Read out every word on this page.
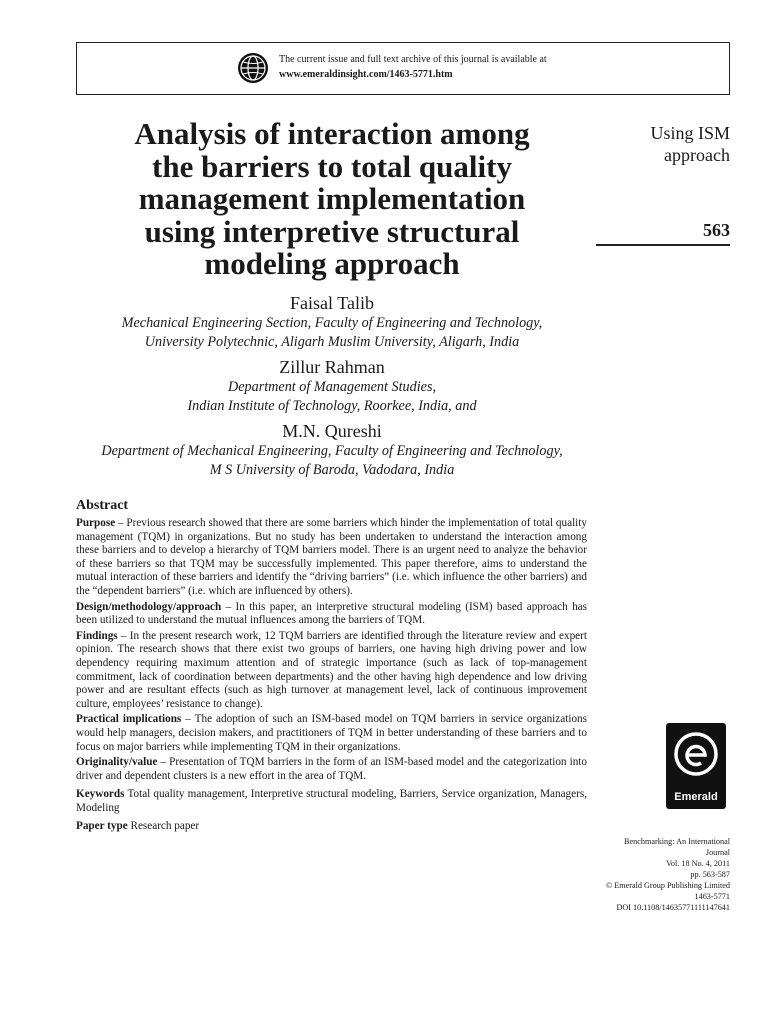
The current issue and full text archive of this journal is available at
www.emeraldinsight.com/1463-5771.htm
Analysis of interaction among
the barriers to total quality
management implementation
using interpretive structural
modeling approach
Faisal Talib
Mechanical Engineering Section, Faculty of Engineering and Technology,
University Polytechnic, Aligarh Muslim University, Aligarh, India
Zillur Rahman
Department of Management Studies,
Indian Institute of Technology, Roorkee, India, and
M.N. Qureshi
Department of Mechanical Engineering, Faculty of Engineering and Technology,
M S University of Baroda, Vadodara, India
Using ISM
approach
563
Abstract

Purpose – Previous research showed that there are some barriers which hinder the implementation of total quality management (TQM) in organizations. But no study has been undertaken to understand the interaction among these barriers and to develop a hierarchy of TQM barriers model. There is an urgent need to analyze the behavior of these barriers so that TQM may be successfully implemented. This paper therefore, aims to understand the mutual interaction of these barriers and identify the “driving barriers” (i.e. which influence the other barriers) and the “dependent barriers” (i.e. which are influenced by others).

Design/methodology/approach – In this paper, an interpretive structural modeling (ISM) based approach has been utilized to understand the mutual influences among the barriers of TQM.

Findings – In the present research work, 12 TQM barriers are identified through the literature review and expert opinion. The research shows that there exist two groups of barriers, one having high driving power and low dependency requiring maximum attention and of strategic importance (such as lack of top-management commitment, lack of coordination between departments) and the other having high dependence and low driving power and are resultant effects (such as high turnover at management level, lack of continuous improvement culture, employees’ resistance to change).

Practical implications – The adoption of such an ISM-based model on TQM barriers in service organizations would help managers, decision makers, and practitioners of TQM in better understanding of these barriers and to focus on major barriers while implementing TQM in their organizations.

Originality/value – Presentation of TQM barriers in the form of an ISM-based model and the categorization into driver and dependent clusters is a new effort in the area of TQM.

Keywords Total quality management, Interpretive structural modeling, Barriers, Service organization, Managers, Modeling

Paper type Research paper

Emerald
Benchmarking: An International
Journal
Vol. 18 No. 4, 2011
pp. 563-587
© Emerald Group Publishing Limited
1463-5771
DOI 10.1108/14635771111147641
